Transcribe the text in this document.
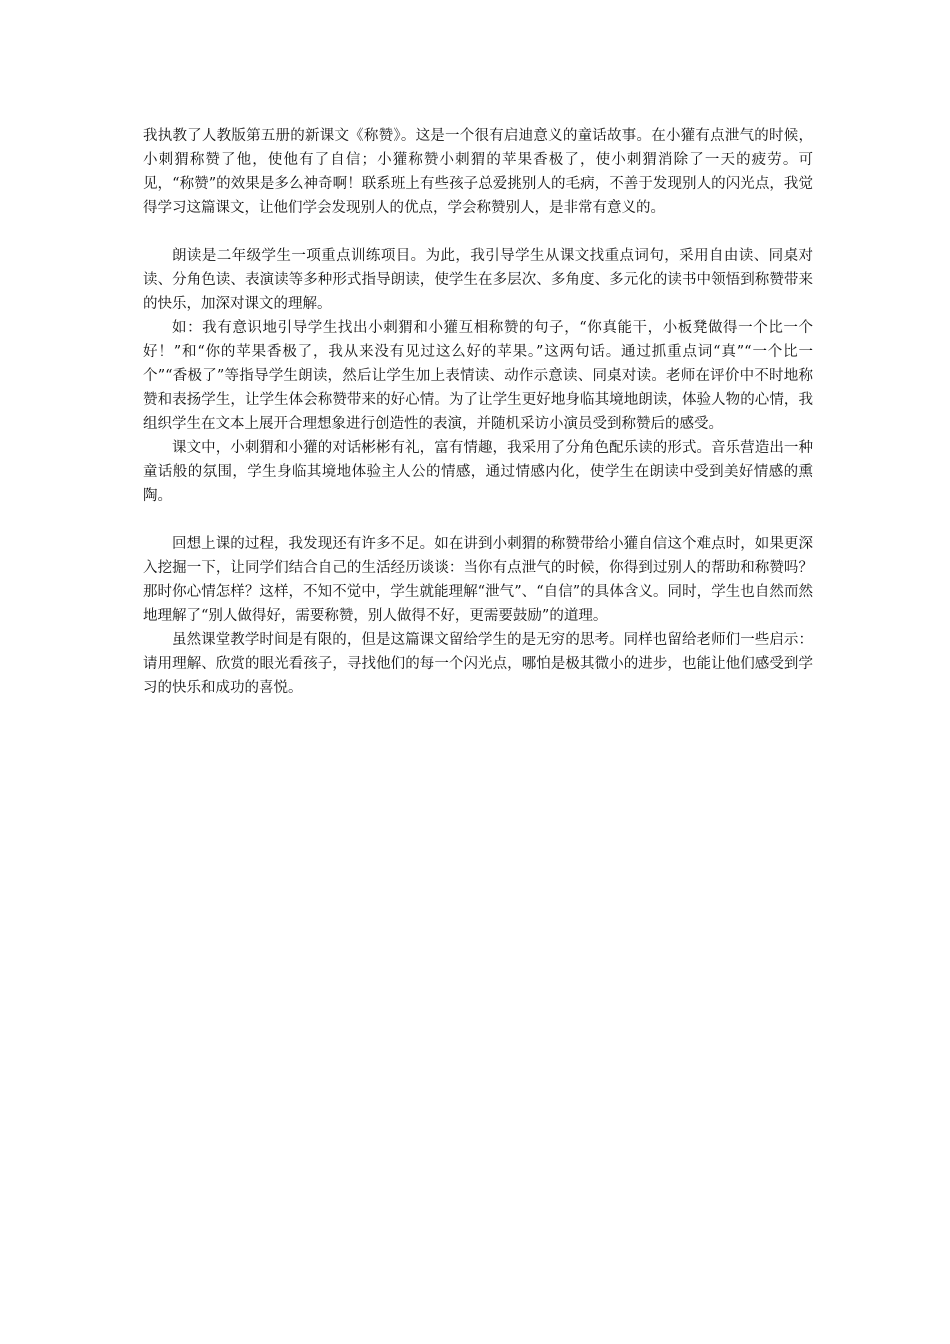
我执教了人教版第五册的新课文《称赞》。这是一个很有启迪意义的童话故事。在小獾有点泄气的时候，小刺猬称赞了他，使他有了自信；小獾称赞小刺猬的苹果香极了，使小刺猬消除了一天的疲劳。可见，“称赞”的效果是多么神奇啊！联系班上有些孩子总爱挑别人的毛病，不善于发现别人的闪光点，我觉得学习这篇课文，让他们学会发现别人的优点，学会称赞别人，是非常有意义的。

朗读是二年级学生一项重点训练项目。为此，我引导学生从课文找重点词句，采用自由读、同桌对读、分角色读、表演读等多种形式指导朗读，使学生在多层次、多角度、多元化的读书中领悟到称赞带来的快乐，加深对课文的理解。

如：我有意识地引导学生找出小刺猬和小獾互相称赞的句子，“你真能干，小板凳做得一个比一个好！”和“你的苹果香极了，我从来没有见过这么好的苹果。”这两句话。通过抓重点词“真”“一个比一个”“香极了”等指导学生朗读，然后让学生加上表情读、动作示意读、同桌对读。老师在评价中不时地称赞和表扬学生，让学生体会称赞带来的好心情。为了让学生更好地身临其境地朗读，体验人物的心情，我组织学生在文本上展开合理想象进行创造性的表演，并随机采访小演员受到称赞后的感受。

课文中，小刺猬和小獾的对话彬彬有礼，富有情趣，我采用了分角色配乐读的形式。音乐营造出一种童话般的氛围，学生身临其境地体验主人公的情感，通过情感内化，使学生在朗读中受到美好情感的熏陶。

回想上课的过程，我发现还有许多不足。如在讲到小刺猬的称赞带给小獾自信这个难点时，如果更深入挖掘一下，让同学们结合自己的生活经历谈谈：当你有点泄气的时候，你得到过别人的帮助和称赞吗？那时你心情怎样？这样，不知不觉中，学生就能理解“泄气”、“自信”的具体含义。同时，学生也自然而然地理解了“别人做得好，需要称赞，别人做得不好，更需要鼓励”的道理。

虽然课堂教学时间是有限的，但是这篇课文留给学生的是无穷的思考。同样也留给老师们一些启示：请用理解、欣赏的眼光看孩子，寻找他们的每一个闪光点，哪怕是极其微小的进步，也能让他们感受到学习的快乐和成功的喜悦。
